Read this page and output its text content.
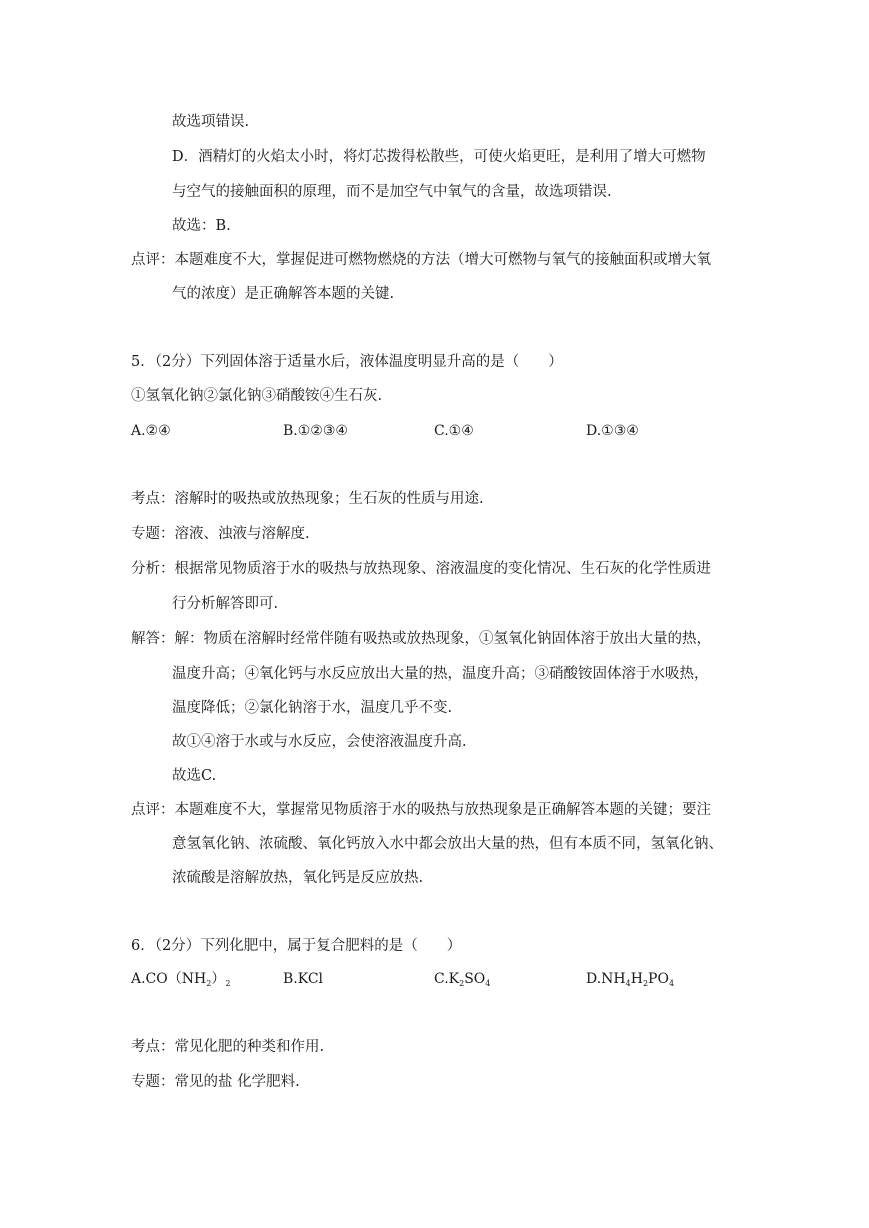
故选项错误.
D．酒精灯的火焰太小时，将灯芯拨得松散些，可使火焰更旺，是利用了增大可燃物
与空气的接触面积的原理，而不是加空气中氧气的含量，故选项错误.
故选：B.
点评：本题难度不大，掌握促进可燃物燃烧的方法（增大可燃物与氧气的接触面积或增大氧
气的浓度）是正确解答本题的关键.
5．（2分）下列固体溶于适量水后，液体温度明显升高的是（　　）
①氢氧化钠②氯化钠③硝酸铵④生石灰.
A.②④	B.①②③④	C.①④	D.①③④
考点：溶解时的吸热或放热现象；生石灰的性质与用途.
专题：溶液、浊液与溶解度.
分析：根据常见物质溶于水的吸热与放热现象、溶液温度的变化情况、生石灰的化学性质进
行分析解答即可.
解答：解：物质在溶解时经常伴随有吸热或放热现象，①氢氧化钠固体溶于放出大量的热，
温度升高；④氧化钙与水反应放出大量的热，温度升高；③硝酸铵固体溶于水吸热，
温度降低；②氯化钠溶于水，温度几乎不变.
故①④溶于水或与水反应，会使溶液温度升高.
故选C.
点评：本题难度不大，掌握常见物质溶于水的吸热与放热现象是正确解答本题的关键；要注
意氢氧化钠、浓硫酸、氧化钙放入水中都会放出大量的热，但有本质不同，氢氧化钠、
浓硫酸是溶解放热，氧化钙是反应放热.
6．（2分）下列化肥中，属于复合肥料的是（　　）
$A.CO(NH_2)_2$	B.KCl	$C.K_2SO_4$	$D.NH_4H_2PO_4$
考点：常见化肥的种类和作用.
专题：常见的盐 化学肥料.
